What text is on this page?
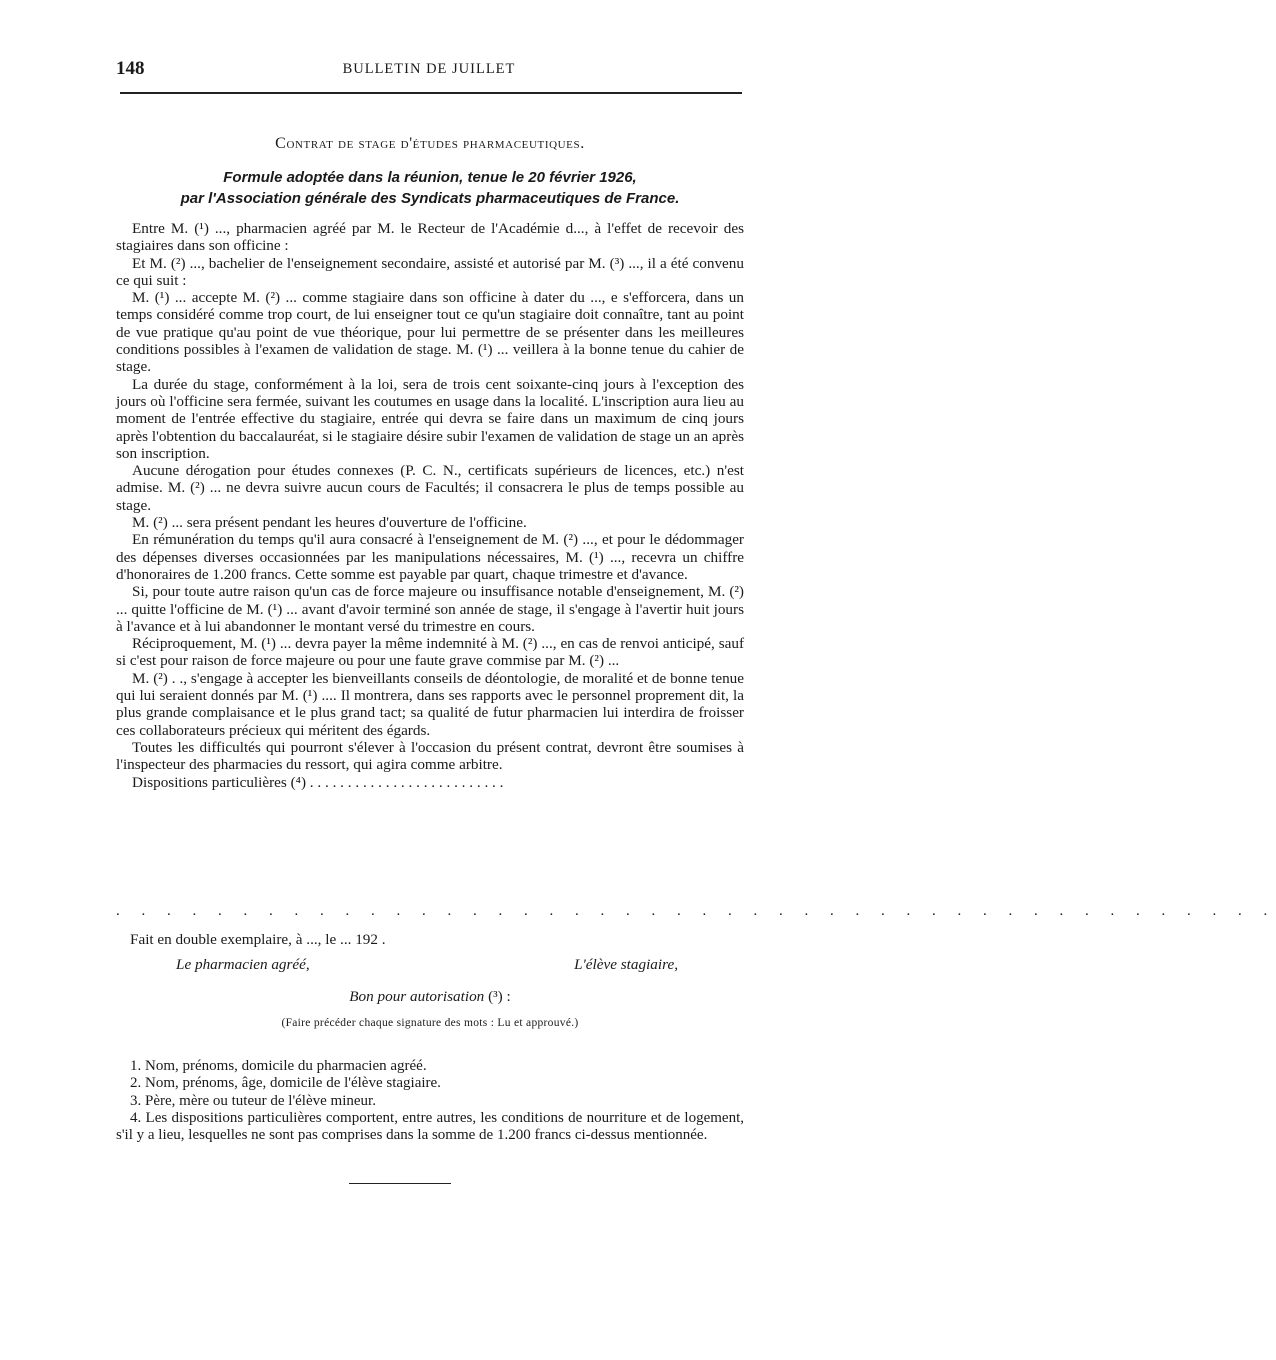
148	BULLETIN DE JUILLET
Contrat de stage d'études pharmaceutiques.
Formule adoptée dans la réunion, tenue le 20 février 1926,
par l'Association générale des Syndicats pharmaceutiques de France.

Entre M. (¹) ..., pharmacien agréé par M. le Recteur de l'Académie d..., à l'effet de recevoir des stagiaires dans son officine :

Et M. (²) ..., bachelier de l'enseignement secondaire, assisté et autorisé par M. (³) ..., il a été convenu ce qui suit :

M. (¹) ... accepte M. (²) ... comme stagiaire dans son officine à dater du ..., e s'efforcera, dans un temps considéré comme trop court, de lui enseigner tout ce qu'un stagiaire doit connaître, tant au point de vue pratique qu'au point de vue théorique, pour lui permettre de se présenter dans les meilleures conditions possibles à l'examen de validation de stage. M. (¹) ... veillera à la bonne tenue du cahier de stage.

La durée du stage, conformément à la loi, sera de trois cent soixante-cinq jours à l'exception des jours où l'officine sera fermée, suivant les coutumes en usage dans la localité. L'inscription aura lieu au moment de l'entrée effective du stagiaire, entrée qui devra se faire dans un maximum de cinq jours après l'obtention du baccalauréat, si le stagiaire désire subir l'examen de validation de stage un an après son inscription.

Aucune dérogation pour études connexes (P. C. N., certificats supérieurs de licences, etc.) n'est admise. M. (²) ... ne devra suivre aucun cours de Facultés; il consacrera le plus de temps possible au stage.

M. (²) ... sera présent pendant les heures d'ouverture de l'officine.

En rémunération du temps qu'il aura consacré à l'enseignement de M. (²) ..., et pour le dédommager des dépenses diverses occasionnées par les manipulations nécessaires, M. (¹) ..., recevra un chiffre d'honoraires de 1.200 francs. Cette somme est payable par quart, chaque trimestre et d'avance.

Si, pour toute autre raison qu'un cas de force majeure ou insuffisance notable d'enseignement, M. (²) ... quitte l'officine de M. (¹) ... avant d'avoir terminé son année de stage, il s'engage à l'avertir huit jours à l'avance et à lui abandonner le montant versé du trimestre en cours.

Réciproquement, M. (¹) ... devra payer la même indemnité à M. (²) ..., en cas de renvoi anticipé, sauf si c'est pour raison de force majeure ou pour une faute grave commise par M. (²) ...

M. (²) . ., s'engage à accepter les bienveillants conseils de déontologie, de moralité et de bonne tenue qui lui seraient donnés par M. (¹) .... Il montrera, dans ses rapports avec le personnel proprement dit, la plus grande complaisance et le plus grand tact; sa qualité de futur pharmacien lui interdira de froisser ces collaborateurs précieux qui méritent des égards.

Toutes les difficultés qui pourront s'élever à l'occasion du présent contrat, devront être soumises à l'inspecteur des pharmacies du ressort, qui agira comme arbitre.

Dispositions particulières (⁴) . . . . . . . . . . . . . . . . . . . . . . . . . .

. . . . . . . . . . . . . . . . . . . . . . . . . . . . . . . . . . . . . . . . . . . . . .
Fait en double exemplaire, à ..., le ... 192 .
Le pharmacien agréé,	L'élève stagiaire,
Bon pour autorisation (³) :
(Faire précéder chaque signature des mots : Lu et approuvé.)

1. Nom, prénoms, domicile du pharmacien agréé.

2. Nom, prénoms, âge, domicile de l'élève stagiaire.

3. Père, mère ou tuteur de l'élève mineur.

4. Les dispositions particulières comportent, entre autres, les conditions de nourriture et de logement, s'il y a lieu, lesquelles ne sont pas comprises dans la somme de 1.200 francs ci-dessus mentionnée.
